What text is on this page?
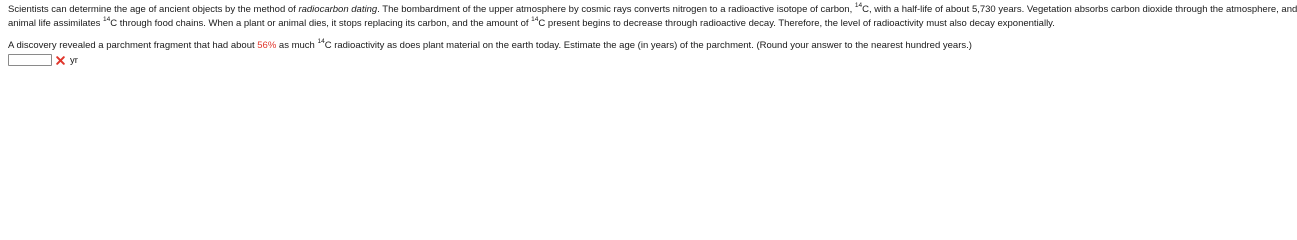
Scientists can determine the age of ancient objects by the method of radiocarbon dating. The bombardment of the upper atmosphere by cosmic rays converts nitrogen to a radioactive isotope of carbon, $^{14}$C, with a half-life of about 5,730 years. Vegetation absorbs carbon dioxide through the atmosphere, and

animal life assimilates $^{14}$C through food chains. When a plant or animal dies, it stops replacing its carbon, and the amount of $^{14}$C present begins to decrease through radioactive decay. Therefore, the level of radioactivity must also decay exponentially.

A discovery revealed a parchment fragment that had about 56% as much $^{14}$C radioactivity as does plant material on the earth today. Estimate the age (in years) of the parchment. (Round your answer to the nearest hundred years.)

yr
